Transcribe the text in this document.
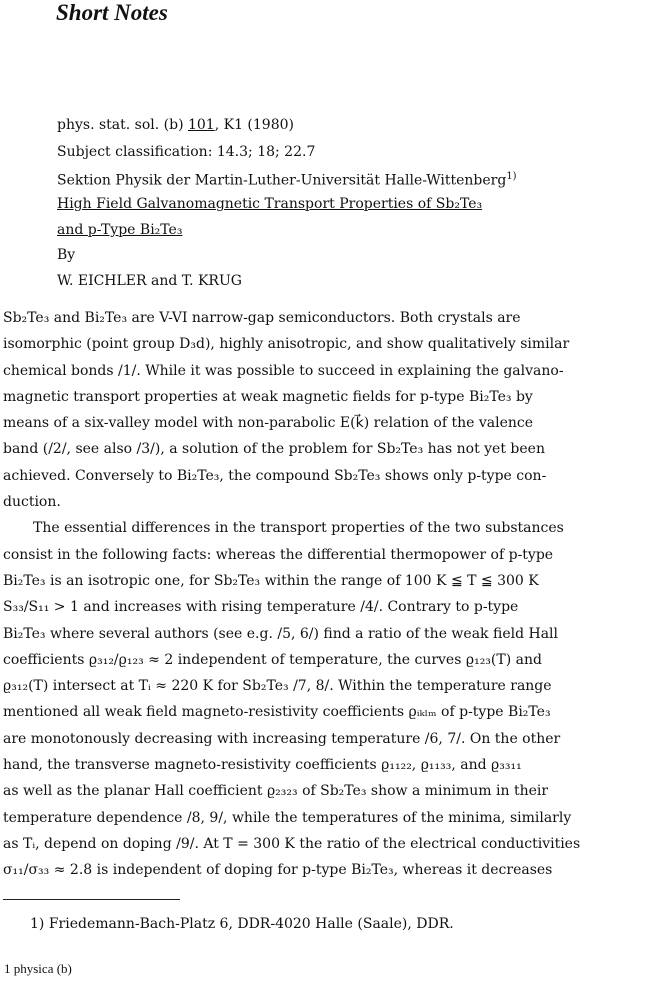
Short Notes
phys. stat. sol. (b) 101, K1 (1980)
Subject classification: 14.3; 18; 22.7
Sektion Physik der Martin-Luther-Universität Halle-Wittenberg$^{1)}$
High Field Galvanomagnetic Transport Properties of Sb₂Te₃
and p-Type Bi₂Te₃
By
W. EICHLER and T. KRUG
Sb₂Te₃ and Bi₂Te₃ are V-VI narrow-gap semiconductors. Both crystals are
isomorphic (point group D₃d), highly anisotropic, and show qualitatively similar
chemical bonds /1/. While it was possible to succeed in explaining the galvano-
magnetic transport properties at weak magnetic fields for p-type Bi₂Te₃ by
means of a six-valley model with non-parabolic E(k⃗) relation of the valence
band (/2/, see also /3/), a solution of the problem for Sb₂Te₃ has not yet been
achieved. Conversely to Bi₂Te₃, the compound Sb₂Te₃ shows only p-type con-
duction.
The essential differences in the transport properties of the two substances
consist in the following facts: whereas the differential thermopower of p-type
Bi₂Te₃ is an isotropic one, for Sb₂Te₃ within the range of 100 K ≦ T ≦ 300 K
S₃₃/S₁₁ > 1 and increases with rising temperature /4/. Contrary to p-type
Bi₂Te₃ where several authors (see e.g. /5, 6/) find a ratio of the weak field Hall
coefficients ϱ₃₁₂/ϱ₁₂₃ ≈ 2 independent of temperature, the curves ϱ₁₂₃(T) and
ϱ₃₁₂(T) intersect at Tᵢ ≈ 220 K for Sb₂Te₃ /7, 8/. Within the temperature range
mentioned all weak field magneto-resistivity coefficients ϱᵢₖₗₘ of p-type Bi₂Te₃
are monotonously decreasing with increasing temperature /6, 7/. On the other
hand, the transverse magneto-resistivity coefficients ϱ₁₁₂₂, ϱ₁₁₃₃, and ϱ₃₃₁₁
as well as the planar Hall coefficient ϱ₂₃₂₃ of Sb₂Te₃ show a minimum in their
temperature dependence /8, 9/, while the temperatures of the minima, similarly
as Tᵢ, depend on doping /9/. At T = 300 K the ratio of the electrical conductivities
σ₁₁/σ₃₃ ≈ 2.8 is independent of doping for p-type Bi₂Te₃, whereas it decreases
1) Friedemann-Bach-Platz 6, DDR-4020 Halle (Saale), DDR.
1 physica (b)
